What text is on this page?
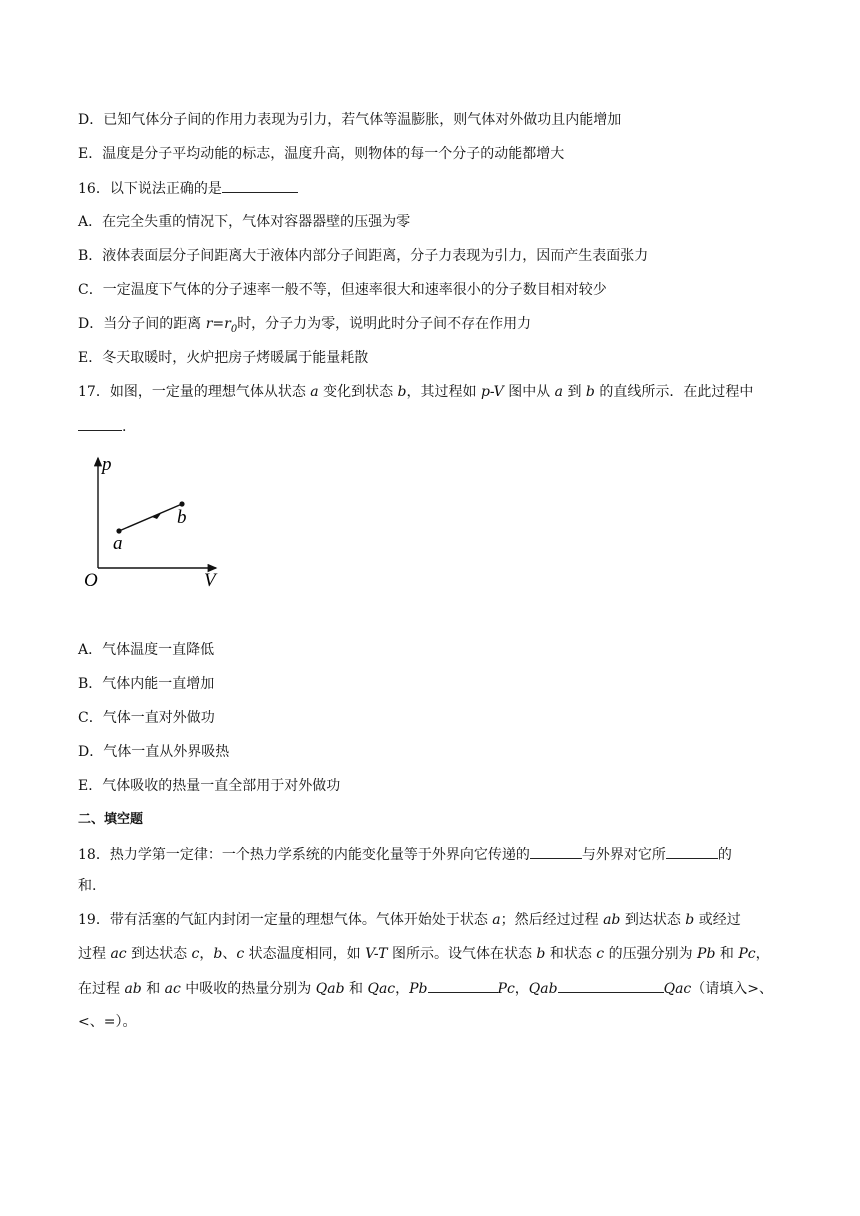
D．已知气体分子间的作用力表现为引力，若气体等温膨胀，则气体对外做功且内能增加
E．温度是分子平均动能的标志，温度升高，则物体的每一个分子的动能都增大
16．以下说法正确的是
A．在完全失重的情况下，气体对容器器壁的压强为零
B．液体表面层分子间距离大于液体内部分子间距离，分子力表现为引力，因而产生表面张力
C．一定温度下气体的分子速率一般不等，但速率很大和速率很小的分子数目相对较少
D．当分子间的距离 $r=r_0$时，分子力为零，说明此时分子间不存在作用力
E．冬天取暖时，火炉把房子烤暖属于能量耗散
17．如图，一定量的理想气体从状态 a 变化到状态 b，其过程如 p-V 图中从 a 到 b 的直线所示．在此过程中
.
p
V
O
a
b
A．气体温度一直降低
B．气体内能一直增加
C．气体一直对外做功
D．气体一直从外界吸热
E．气体吸收的热量一直全部用于对外做功
二、填空题
18．热力学第一定律：一个热力学系统的内能变化量等于外界向它传递的	与外界对它所	的
和.
19．带有活塞的气缸内封闭一定量的理想气体。气体开始处于状态 a；然后经过过程 ab 到达状态 b 或经过
过程 ac 到达状态 c，b、c 状态温度相同，如 V-T 图所示。设气体在状态 b 和状态 c 的压强分别为 Pb 和 Pc，
在过程 ab 和 ac 中吸收的热量分别为 Qab 和 Qac，Pb	Pc，Qab	Qac（请填入>、
<、=）。
